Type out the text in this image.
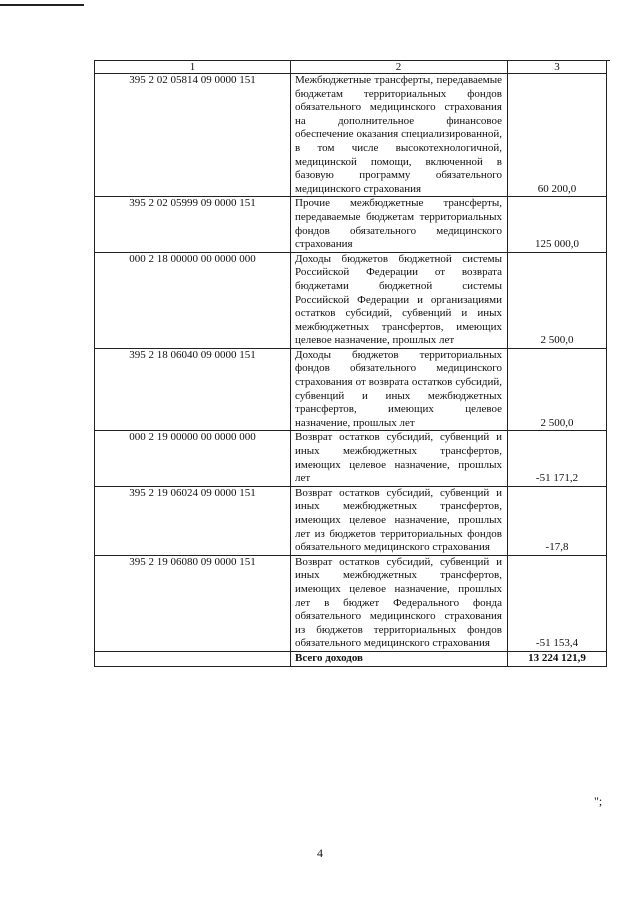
1	2	3
395 2 02 05814 09 0000 151	Межбюджетные трансферты, передаваемые бюджетам территориальных фондов обязательного медицинского страхования на дополнительное финансовое обеспечение оказания специализированной, в том числе высокотехнологичной, медицинской помощи, включенной в базовую программу обязательного медицинского страхования	60 200,0
395 2 02 05999 09 0000 151	Прочие межбюджетные трансферты, передаваемые бюджетам территориальных фондов обязательного медицинского страхования	125 000,0
000 2 18 00000 00 0000 000	Доходы бюджетов бюджетной системы Российской Федерации от возврата бюджетами бюджетной системы Российской Федерации и организациями остатков субсидий, субвенций и иных межбюджетных трансфертов, имеющих целевое назначение, прошлых лет	2 500,0
395 2 18 06040 09 0000 151	Доходы бюджетов территориальных фондов обязательного медицинского страхования от возврата остатков субсидий, субвенций и иных межбюджетных трансфертов, имеющих целевое назначение, прошлых лет	2 500,0
000 2 19 00000 00 0000 000	Возврат остатков субсидий, субвенций и иных межбюджетных трансфертов, имеющих целевое назначение, прошлых лет	-51 171,2
395 2 19 06024 09 0000 151	Возврат остатков субсидий, субвенций и иных межбюджетных трансфертов, имеющих целевое назначение, прошлых лет из бюджетов территориальных фондов обязательного медицинского страхования	-17,8
395 2 19 06080 09 0000 151	Возврат остатков субсидий, субвенций и иных межбюджетных трансфертов, имеющих целевое назначение, прошлых лет в бюджет Федерального фонда обязательного медицинского страхования из бюджетов территориальных фондов обязательного медицинского страхования	-51 153,4
	Всего доходов	13 224 121,9
";
4
